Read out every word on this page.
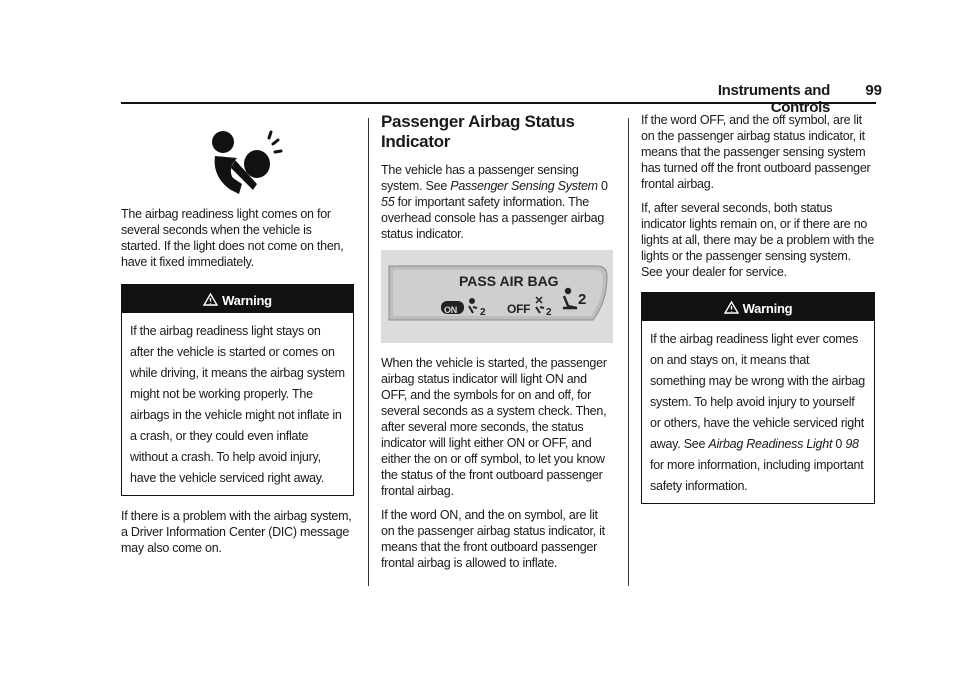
Instruments and Controls
99

The airbag readiness light comes on for several seconds when the vehicle is started. If the light does not come on then, have it fixed immediately.

Warning
If the airbag readiness light stays on after the vehicle is started or comes on while driving, it means the airbag system might not be working properly. The airbags in the vehicle might not inflate in a crash, or they could even inflate without a crash. To help avoid injury, have the vehicle serviced right away.

If there is a problem with the airbag system, a Driver Information Center (DIC) message may also come on.

Passenger Airbag Status Indicator

The vehicle has a passenger sensing system. See Passenger Sensing System 0 55 for important safety information. The overhead console has a passenger airbag status indicator.

PASS AIR BAG
ON 2 OFF 2
2

When the vehicle is started, the passenger airbag status indicator will light ON and OFF, and the symbols for on and off, for several seconds as a system check. Then, after several more seconds, the status indicator will light either ON or OFF, and either the on or off symbol, to let you know the status of the front outboard passenger frontal airbag.

If the word ON, and the on symbol, are lit on the passenger airbag status indicator, it means that the front outboard passenger frontal airbag is allowed to inflate.

If the word OFF, and the off symbol, are lit on the passenger airbag status indicator, it means that the passenger sensing system has turned off the front outboard passenger frontal airbag.

If, after several seconds, both status indicator lights remain on, or if there are no lights at all, there may be a problem with the lights or the passenger sensing system. See your dealer for service.

Warning
If the airbag readiness light ever comes on and stays on, it means that something may be wrong with the airbag system. To help avoid injury to yourself or others, have the vehicle serviced right away. See Airbag Readiness Light 0 98 for more information, including important safety information.
